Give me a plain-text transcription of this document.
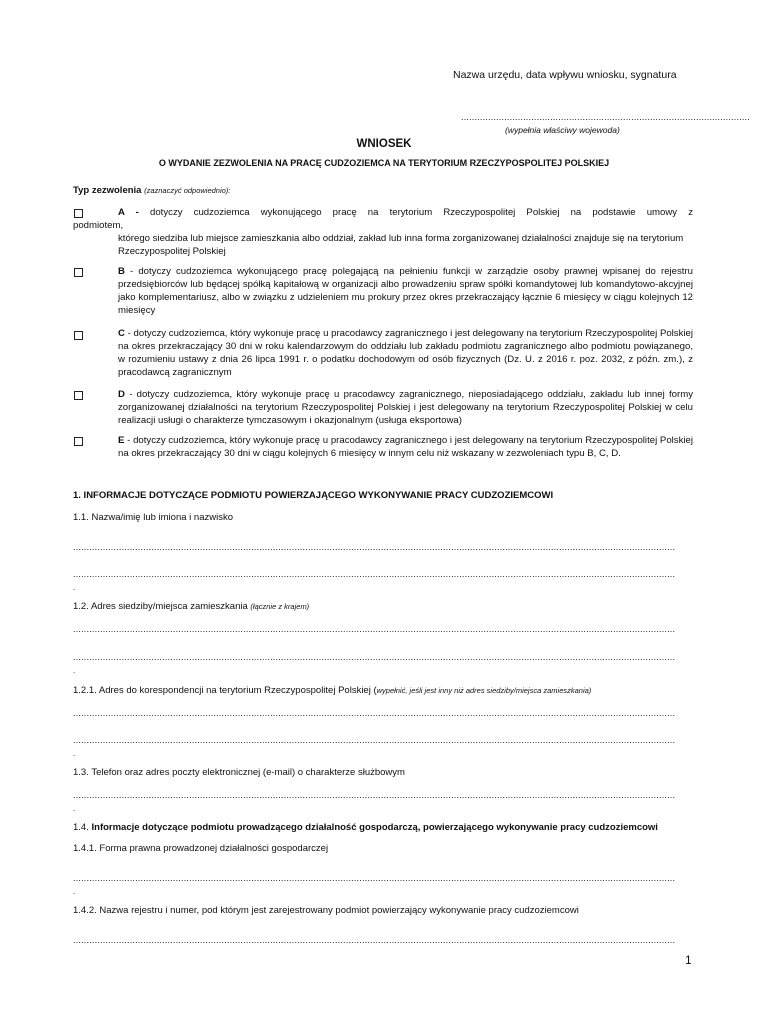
Nazwa urzędu, data wpływu wniosku, sygnatura
...........................................................................................................
(wypełnia właściwy wojewoda)
WNIOSEK
O WYDANIE ZEZWOLENIA NA PRACĘ CUDZOZIEMCA NA TERYTORIUM RZECZYPOSPOLITEJ POLSKIEJ
Typ zezwolenia (zaznaczyć odpowiednio):
A - dotyczy cudzoziemca wykonującego pracę na terytorium Rzeczypospolitej Polskiej na podstawie umowy z
podmiotem,
którego siedziba lub miejsce zamieszkania albo oddział, zakład lub inna forma zorganizowanej działalności znajduje się na terytorium Rzeczypospolitej Polskiej
B - dotyczy cudzoziemca wykonującego pracę polegającą na pełnieniu funkcji w zarządzie osoby prawnej wpisanej do rejestru przedsiębiorców lub będącej spółką kapitałową w organizacji albo prowadzeniu spraw spółki komandytowej lub komandytowo-akcyjnej jako komplementariusz, albo w związku z udzieleniem mu prokury przez okres przekraczający łącznie 6 miesięcy w ciągu kolejnych 12 miesięcy
C - dotyczy cudzoziemca, który wykonuje pracę u pracodawcy zagranicznego i jest delegowany na terytorium Rzeczypospolitej Polskiej na okres przekraczający 30 dni w roku kalendarzowym do oddziału lub zakładu podmiotu zagranicznego albo podmiotu powiązanego, w rozumieniu ustawy z dnia 26 lipca 1991 r. o podatku dochodowym od osób fizycznych (Dz. U. z 2016 r. poz. 2032, z późn. zm.), z pracodawcą zagranicznym
D - dotyczy cudzoziemca, który wykonuje pracę u pracodawcy zagranicznego, nieposiadającego oddziału, zakładu lub innej formy zorganizowanej działalności na terytorium Rzeczypospolitej Polskiej i jest delegowany na terytorium Rzeczypospolitej Polskiej w celu realizacji usługi o charakterze tymczasowym i okazjonalnym (usługa eksportowa)
E - dotyczy cudzoziemca, który wykonuje pracę u pracodawcy zagranicznego i jest delegowany na terytorium Rzeczypospolitej Polskiej na okres przekraczający 30 dni w ciągu kolejnych 6 miesięcy w innym celu niż wskazany w zezwoleniach typu B, C, D.
1. INFORMACJE DOTYCZĄCE PODMIOTU POWIERZAJĄCEGO WYKONYWANIE PRACY CUDZOZIEMCOWI
1.1. Nazwa/imię lub imiona i nazwisko
...............................................................................................................................................................................................................................
...............................................................................................................................................................................................................................
.
1.2. Adres siedziby/miejsca zamieszkania (łącznie z krajem)
...............................................................................................................................................................................................................................
...............................................................................................................................................................................................................................
.
1.2.1. Adres do korespondencji na terytorium Rzeczypospolitej Polskiej (wypełnić, jeśli jest inny niż adres siedziby/miejsca zamieszkania)
...............................................................................................................................................................................................................................
...............................................................................................................................................................................................................................
.
1.3. Telefon oraz adres poczty elektronicznej (e-mail) o charakterze służbowym
...............................................................................................................................................................................................................................
.
1.4. Informacje dotyczące podmiotu prowadzącego działalność gospodarczą, powierzającego wykonywanie pracy cudzoziemcowi
1.4.1. Forma prawna prowadzonej działalności gospodarczej
...............................................................................................................................................................................................................................
.
1.4.2. Nazwa rejestru i numer, pod którym jest zarejestrowany podmiot powierzający wykonywanie pracy cudzoziemcowi
...............................................................................................................................................................................................................................
1
